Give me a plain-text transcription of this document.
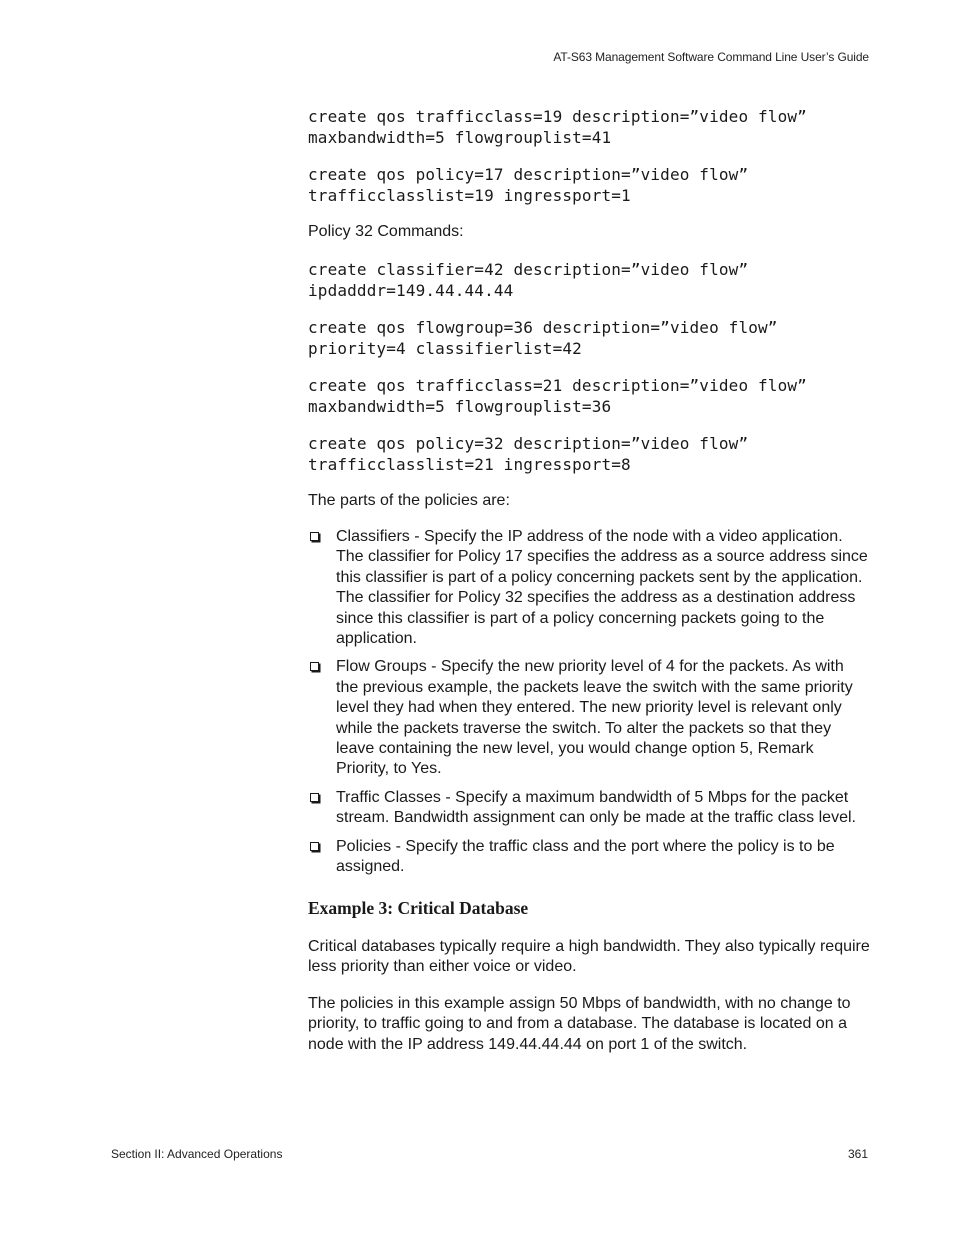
AT-S63 Management Software Command Line User’s Guide
create qos trafficclass=19 description=”video flow”
maxbandwidth=5 flowgrouplist=41
create qos policy=17 description=”video flow”
trafficclasslist=19 ingressport=1

Policy 32 Commands:

create classifier=42 description=”video flow”
ipdadddr=149.44.44.44
create qos flowgroup=36 description=”video flow”
priority=4 classifierlist=42
create qos trafficclass=21 description=”video flow”
maxbandwidth=5 flowgrouplist=36
create qos policy=32 description=”video flow”
trafficclasslist=21 ingressport=8

The parts of the policies are:

Classifiers - Specify the IP address of the node with a video application. The classifier for Policy 17 specifies the address as a source address since this classifier is part of a policy concerning packets sent by the application. The classifier for Policy 32 specifies the address as a destination address since this classifier is part of a policy concerning packets going to the application.
Flow Groups - Specify the new priority level of 4 for the packets. As with the previous example, the packets leave the switch with the same priority level they had when they entered. The new priority level is relevant only while the packets traverse the switch. To alter the packets so that they leave containing the new level, you would change option 5, Remark Priority, to Yes.
Traffic Classes - Specify a maximum bandwidth of 5 Mbps for the packet stream. Bandwidth assignment can only be made at the traffic class level.
Policies - Specify the traffic class and the port where the policy is to be assigned.
Example 3: Critical Database

Critical databases typically require a high bandwidth. They also typically require less priority than either voice or video.

The policies in this example assign 50 Mbps of bandwidth, with no change to priority, to traffic going to and from a database. The database is located on a node with the IP address 149.44.44.44 on port 1 of the switch.

Section II: Advanced Operations	361
